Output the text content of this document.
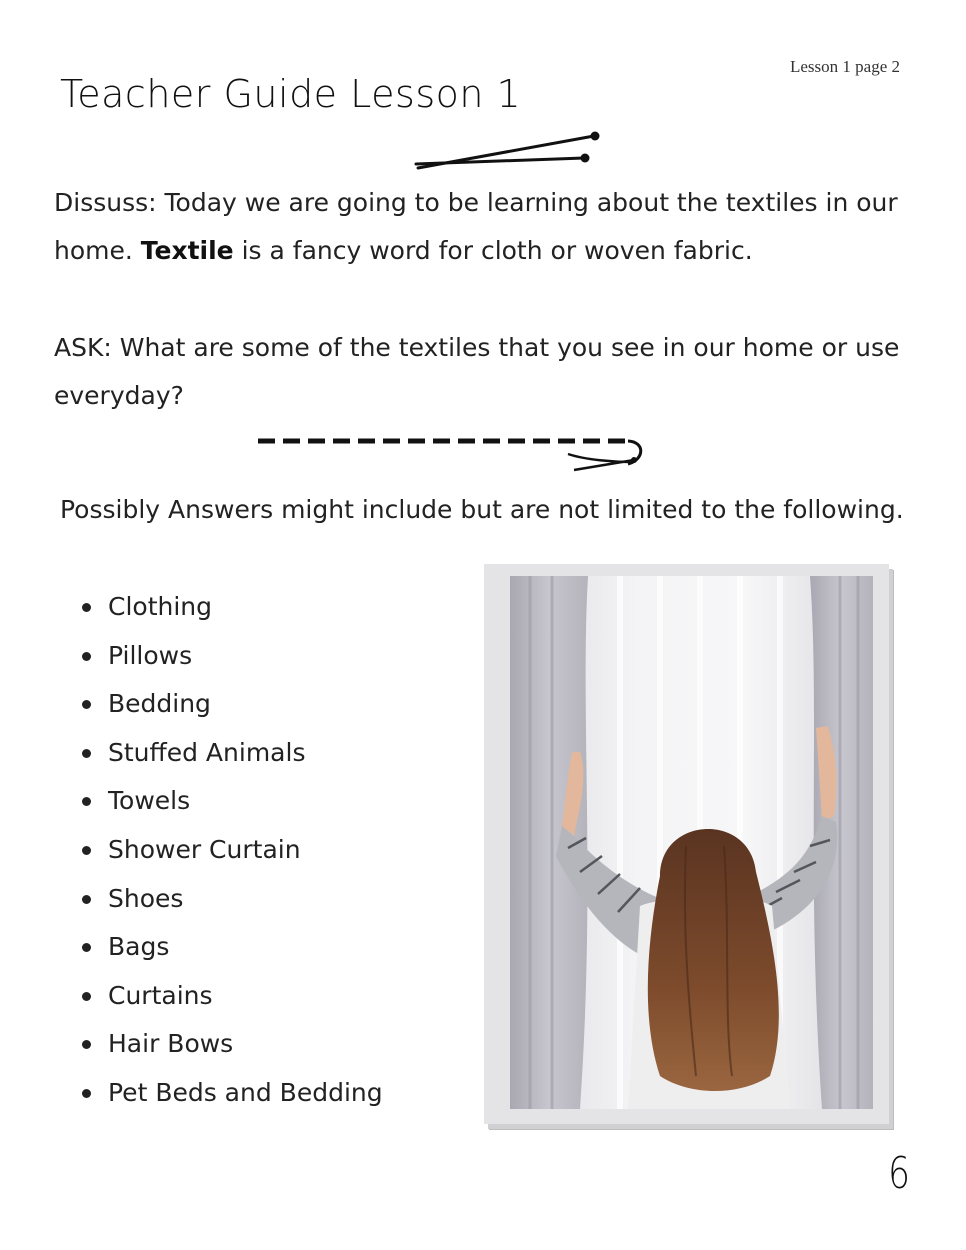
Lesson 1 page 2
Teacher Guide Lesson 1

Dissuss: Today we are going to be learning about the textiles in our home. Textile is a fancy word for cloth or woven fabric.

ASK: What are some of the textiles that you see in our home or use everyday?

Possibly Answers might include but are not limited to the following.

Clothing
Pillows
Bedding
Stuffed Animals
Towels
Shower Curtain
Shoes
Bags
Curtains
Hair Bows
Pet Beds and Bedding
6
